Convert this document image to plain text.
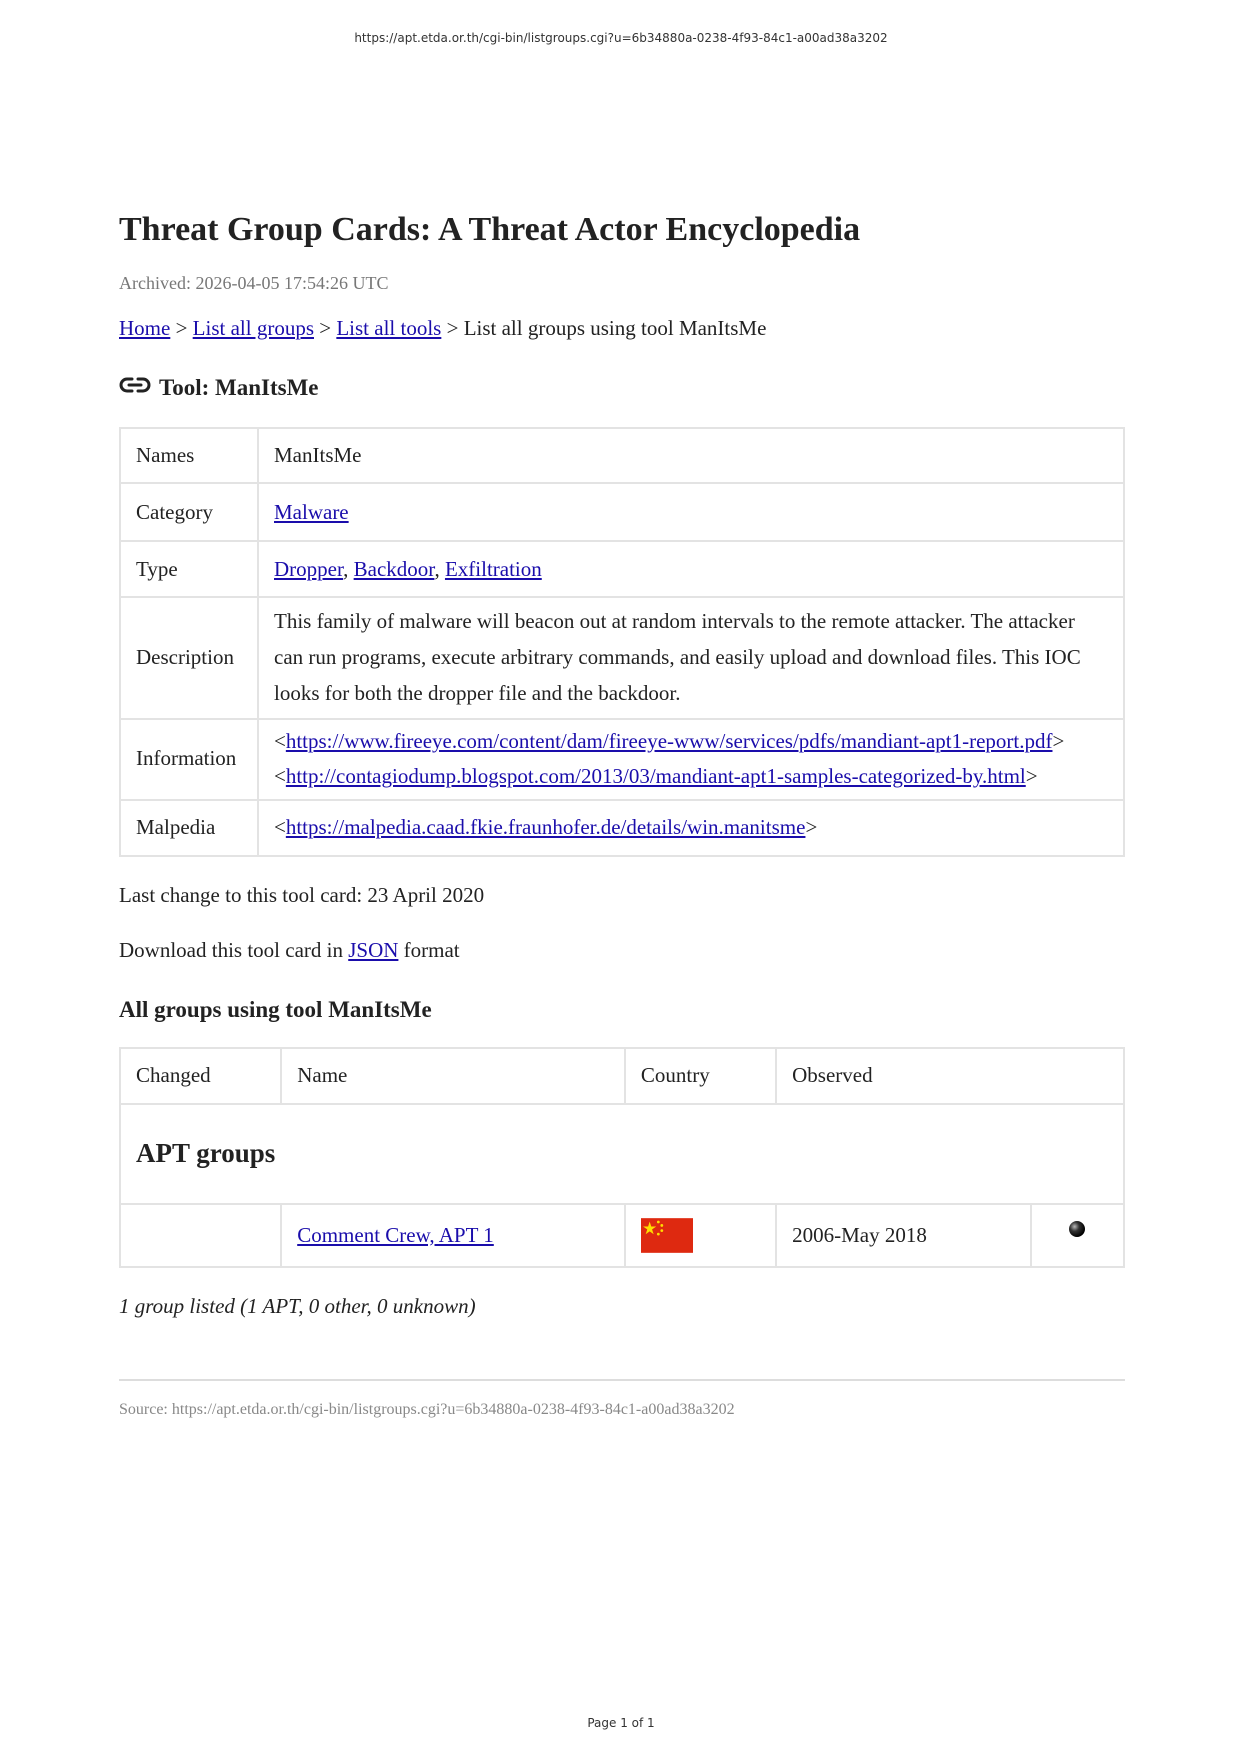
https://apt.etda.or.th/cgi-bin/listgroups.cgi?u=6b34880a-0238-4f93-84c1-a00ad38a3202
Threat Group Cards: A Threat Actor Encyclopedia
Archived: 2026-04-05 17:54:26 UTC
Home > List all groups > List all tools > List all groups using tool ManItsMe
Tool: ManItsMe
Names	ManItsMe
Category	Malware
Type	Dropper, Backdoor, Exfiltration
Description	This family of malware will beacon out at random intervals to the remote attacker. The attacker can run programs, execute arbitrary commands, and easily upload and download files. This IOC looks for both the dropper file and the backdoor.
Information	<https://www.fireeye.com/content/dam/fireeye-www/services/pdfs/mandiant-apt1-report.pdf>
<http://contagiodump.blogspot.com/2013/03/mandiant-apt1-samples-categorized-by.html>

Malpedia	<https://malpedia.caad.fkie.fraunhofer.de/details/win.manitsme>

Last change to this tool card: 23 April 2020

Download this tool card in JSON format

All groups using tool ManItsMe
Changed	Name	Country	Observed	
APT groups				
	Comment Crew, APT 1		2006-May 2018	

1 group listed (1 APT, 0 other, 0 unknown)

Source: https://apt.etda.or.th/cgi-bin/listgroups.cgi?u=6b34880a-0238-4f93-84c1-a00ad38a3202

Page 1 of 1
